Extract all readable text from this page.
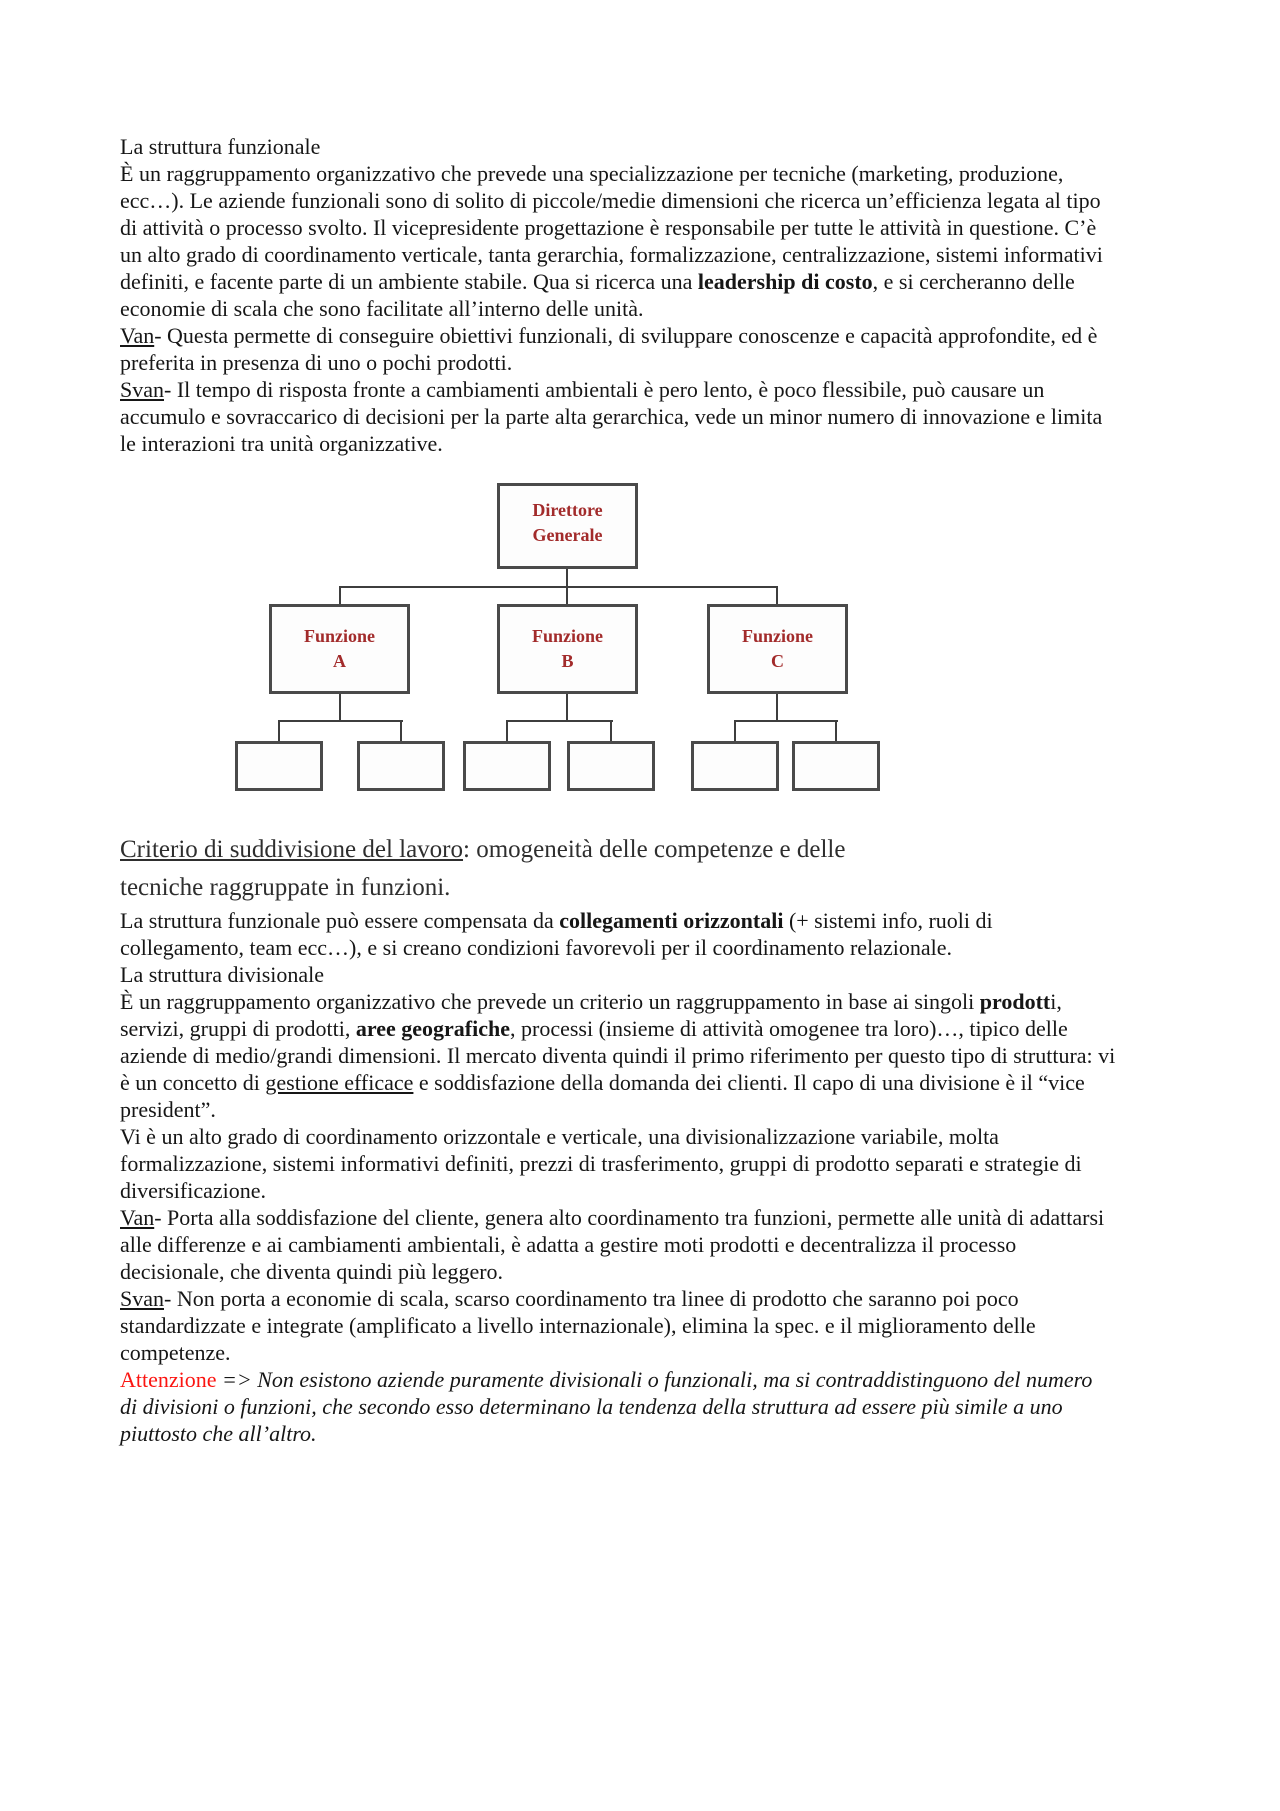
La struttura funzionale

È un raggruppamento organizzativo che prevede una specializzazione per tecniche (marketing, produzione, ecc…). Le aziende funzionali sono di solito di piccole/medie dimensioni che ricerca un’efficienza legata al tipo di attività o processo svolto. Il vicepresidente progettazione è responsabile per tutte le attività in questione. C’è un alto grado di coordinamento verticale, tanta gerarchia, formalizzazione, centralizzazione, sistemi informativi definiti, e facente parte di un ambiente stabile. Qua si ricerca una leadership di costo, e si cercheranno delle economie di scala che sono facilitate all’interno delle unità.

Van- Questa permette di conseguire obiettivi funzionali, di sviluppare conoscenze e capacità approfondite, ed è preferita in presenza di uno o pochi prodotti.

Svan- Il tempo di risposta fronte a cambiamenti ambientali è pero lento, è poco flessibile, può causare un accumulo e sovraccarico di decisioni per la parte alta gerarchica, vede un minor numero di innovazione e limita le interazioni tra unità organizzative.

Direttore
Generale
Funzione
A
Funzione
B
Funzione
C
Criterio di suddivisione del lavoro: omogeneità delle competenze e delle tecniche raggruppate in funzioni.

La struttura funzionale può essere compensata da collegamenti orizzontali (+ sistemi info, ruoli di collegamento, team ecc…), e si creano condizioni favorevoli per il coordinamento relazionale.

La struttura divisionale

È un raggruppamento organizzativo che prevede un criterio un raggruppamento in base ai singoli prodotti, servizi, gruppi di prodotti, aree geografiche, processi (insieme di attività omogenee tra loro)…, tipico delle aziende di medio/grandi dimensioni. Il mercato diventa quindi il primo riferimento per questo tipo di struttura: vi è un concetto di gestione efficace e soddisfazione della domanda dei clienti. Il capo di una divisione è il “vice president”.

Vi è un alto grado di coordinamento orizzontale e verticale, una divisionalizzazione variabile, molta formalizzazione, sistemi informativi definiti, prezzi di trasferimento, gruppi di prodotto separati e strategie di diversificazione.

Van- Porta alla soddisfazione del cliente, genera alto coordinamento tra funzioni, permette alle unità di adattarsi alle differenze e ai cambiamenti ambientali, è adatta a gestire moti prodotti e decentralizza il processo decisionale, che diventa quindi più leggero.

Svan- Non porta a economie di scala, scarso coordinamento tra linee di prodotto che saranno poi poco standardizzate e integrate (amplificato a livello internazionale), elimina la spec. e il miglioramento delle competenze.

Attenzione => Non esistono aziende puramente divisionali o funzionali, ma si contraddistinguono del numero di divisioni o funzioni, che secondo esso determinano la tendenza della struttura ad essere più simile a uno piuttosto che all’altro.
